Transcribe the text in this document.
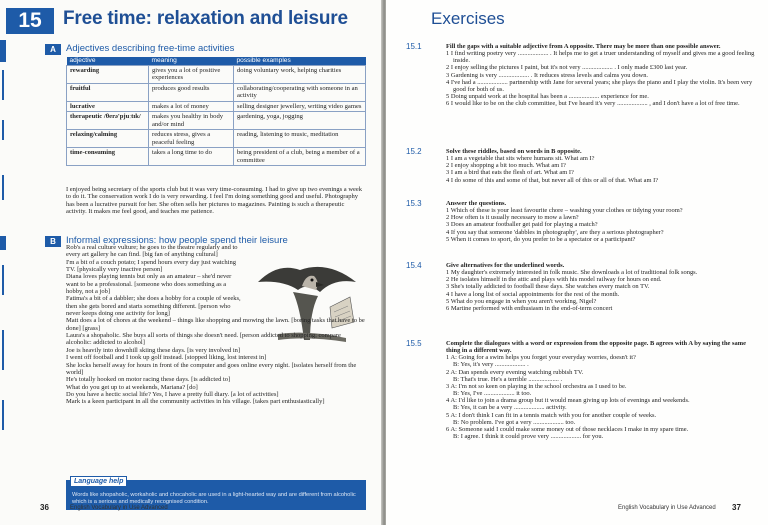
15	Free time: relaxation and leisure
A	Adjectives describing free-time activities
adjective	meaning	possible examples
rewarding	gives you a lot of positive experiences	doing voluntary work, helping charities
fruitful	produces good results	collaborating/cooperating with someone in an activity
lucrative	makes a lot of money	selling designer jewellery, writing video games
therapeutic /θerə'pjuːtɪk/	makes you healthy in body and/or mind	gardening, yoga, jogging
relaxing/calming	reduces stress, gives a peaceful feeling	reading, listening to music, meditation
time-consuming	takes a long time to do	being president of a club, being a member of a committee
I enjoyed being secretary of the sports club but it was very time-consuming. I had to give up two evenings a week to do it. The conservation work I do is very rewarding. I feel I'm doing something good and useful. Photography has been a lucrative pursuit for her. She often sells her pictures to magazines. Painting is such a therapeutic activity. It makes me feel good, and teaches me patience.
B	Informal expressions: how people spend their leisure

Rob's a real culture vulture; he goes to the theatre regularly and to every art gallery he can find. [big fan of anything cultural]

I'm a bit of a couch potato; I spend hours every day just watching TV. [physically very inactive person]

Diana loves playing tennis but only as an amateur – she'd never want to be a professional. [someone who does something as a hobby, not a job]

Fatima's a bit of a dabbler; she does a hobby for a couple of weeks, then she gets bored and starts something different. [person who never keeps doing one activity for long]

Matt does a lot of chores at the weekend – things like shopping and mowing the lawn. [boring tasks that have to be done] [grass]

Laura's a shopaholic. She buys all sorts of things she doesn't need. [person addicted to shopping; compare alcoholic: addicted to alcohol]

Joe is heavily into downhill skiing these days. [is very involved in]

I went off football and I took up golf instead. [stopped liking, lost interest in]

She locks herself away for hours in front of the computer and goes online every night. [isolates herself from the world]

He's totally hooked on motor racing these days. [is addicted to]

What do you get up to at weekends, Mariana? [do]

Do you have a hectic social life? Yes, I have a pretty full diary. [a lot of activities]

Mark is a keen participant in all the community activities in his village. [takes part enthusiastically]

Words like shopaholic, workaholic and chocaholic are used in a light-hearted way and are different from alcoholic which is a serious and medically recognised condition.
Language help
36	English Vocabulary in Use Advanced
Exercises
15.1	Fill the gaps with a suitable adjective from A opposite. There may be more than one possible answer.
1 I find writing poetry very ................... . It helps me to get a truer understanding of myself and gives me a good feeling inside.
2 I enjoy selling the pictures I paint, but it's not very ................... . I only made £300 last year.
3 Gardening is very ................... . It reduces stress levels and calms you down.
4 I've had a ................... partnership with Jane for several years; she plays the piano and I play the violin. It's been very good for both of us.
5 Doing unpaid work at the hospital has been a ................... experience for me.
6 I would like to be on the club committee, but I've heard it's very ................... , and I don't have a lot of free time.
15.2	Solve these riddles, based on words in B opposite.
1 I am a vegetable that sits where humans sit. What am I?
2 I enjoy shopping a bit too much. What am I?
3 I am a bird that eats the flesh of art. What am I?
4 I do some of this and some of that, but never all of this or all of that. What am I?
15.3	Answer the questions.
1 Which of these is your least favourite chore – washing your clothes or tidying your room?
2 How often is it usually necessary to mow a lawn?
3 Does an amateur footballer get paid for playing a match?
4 If you say that someone 'dabbles in photography', are they a serious photographer?
5 When it comes to sport, do you prefer to be a spectator or a participant?
15.4	Give alternatives for the underlined words.
1 My daughter's extremely interested in folk music. She downloads a lot of traditional folk songs.
2 He isolates himself in the attic and plays with his model railway for hours on end.
3 She's totally addicted to football these days. She watches every match on TV.
4 I have a long list of social appointments for the rest of the month.
5 What do you engage in when you aren't working, Nigel?
6 Martine performed with enthusiasm in the end-of-term concert
15.5	Complete the dialogues with a word or expression from the opposite page. B agrees with A by saying the same thing in a different way.
1 A: Going for a swim helps you forget your everyday worries, doesn't it?
B: Yes, it's very ................... .
2 A: Dan spends every evening watching rubbish TV.
B: That's true. He's a terrible ................... .
3 A: I'm not so keen on playing in the school orchestra as I used to be.
B: Yes, I've ................... it too.
4 A: I'd like to join a drama group but it would mean giving up lots of evenings and weekends.
B: Yes, it can be a very ................... activity.
5 A: I don't think I can fit in a tennis match with you for another couple of weeks.
B: No problem. I've got a very ................... too.
6 A: Someone said I could make some money out of those necklaces I make in my spare time.
B: I agree. I think it could prove very ................... for you.
English Vocabulary in Use Advanced 37
